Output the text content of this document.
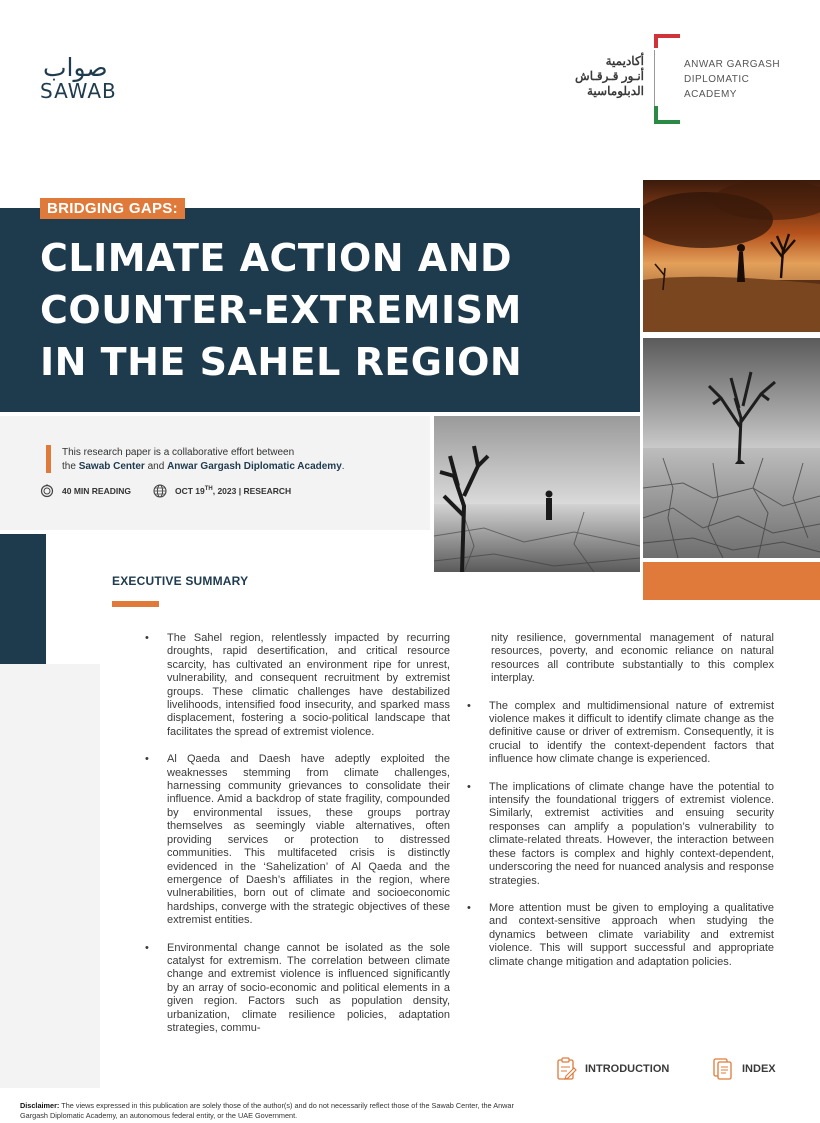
صواب
SAWAB
أكاديمية
أنـور قـرقـاش
الدبلوماسية
ANWAR GARGASH
DIPLOMATIC
ACADEMY
BRIDGING GAPS:
CLIMATE ACTION AND
COUNTER-EXTREMISM
IN THE SAHEL REGION
This research paper is a collaborative effort between
the Sawab Center and Anwar Gargash Diplomatic Academy.
40 MIN READING	OCT 19TH, 2023 | RESEARCH
EXECUTIVE SUMMARY
• The Sahel region, relentlessly impacted by recurring droughts, rapid desertification, and critical resource scarcity, has cultivated an environment ripe for unrest, vulnerability, and consequent recruitment by extremist groups. These climatic challenges have destabilized livelihoods, intensified food insecurity, and sparked mass displacement, fostering a socio-political landscape that facilitates the spread of extremist violence.
• Al Qaeda and Daesh have adeptly exploited the weaknesses stemming from climate challenges, harnessing community grievances to consolidate their influence. Amid a backdrop of state fragility, compounded by environmental issues, these groups portray themselves as seemingly viable alternatives, often providing services or protection to distressed communities. This multifaceted crisis is distinctly evidenced in the ‘Sahelization’ of Al Qaeda and the emergence of Daesh’s affiliates in the region, where vulnerabilities, born out of climate and socioeconomic hardships, converge with the strategic objectives of these extremist entities.
• Environmental change cannot be isolated as the sole catalyst for extremism. The correlation between climate change and extremist violence is influenced significantly by an array of socio-economic and political elements in a given region. Factors such as population density, urbanization, climate resilience policies, adaptation strategies, commu-
nity resilience, governmental management of natural resources, poverty, and economic reliance on natural resources all contribute substantially to this complex interplay.
• The complex and multidimensional nature of extremist violence makes it difficult to identify climate change as the definitive cause or driver of extremism. Consequently, it is crucial to identify the context-dependent factors that influence how climate change is experienced.
• The implications of climate change have the potential to intensify the foundational triggers of extremist violence. Similarly, extremist activities and ensuing security responses can amplify a population’s vulnerability to climate-related threats. However, the interaction between these factors is complex and highly context-dependent, underscoring the need for nuanced analysis and response strategies.
• More attention must be given to employing a qualitative and context-sensitive approach when studying the dynamics between climate variability and extremist violence. This will support successful and appropriate climate change mitigation and adaptation policies.
INTRODUCTION	INDEX
Disclaimer: The views expressed in this publication are solely those of the author(s) and do not necessarily reflect those of the Sawab Center, the Anwar Gargash Diplomatic Academy, an autonomous federal entity, or the UAE Government.
